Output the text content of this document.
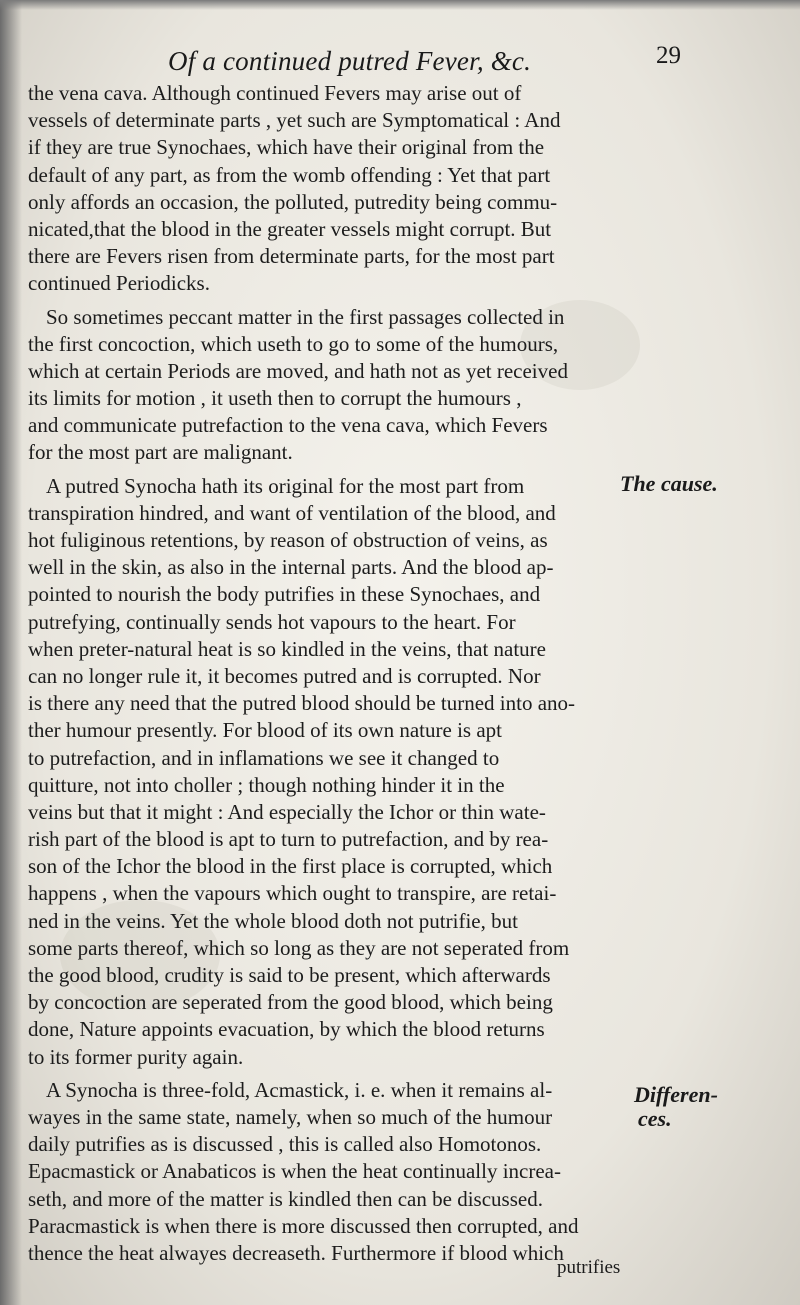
Of a continued putred Fever, &c.	29
the vena cava. Although continued Fevers may arise out of
vessels of determinate parts , yet such are Symptomatical : And
if they are true Synochaes, which have their original from the
default of any part, as from the womb offending : Yet that part
only affords an occasion, the polluted, putredity being commu-
nicated,that the blood in the greater vessels might corrupt. But
there are Fevers risen from determinate parts, for the most part
continued Periodicks.
So sometimes peccant matter in the first passages collected in
the first concoction, which useth to go to some of the humours,
which at certain Periods are moved, and hath not as yet received
its limits for motion , it useth then to corrupt the humours ,
and communicate putrefaction to the vena cava, which Fevers
for the most part are malignant.
A putred Synocha hath its original for the most part from
transpiration hindred, and want of ventilation of the blood, and
hot fuliginous retentions, by reason of obstruction of veins, as
well in the skin, as also in the internal parts. And the blood ap-
pointed to nourish the body putrifies in these Synochaes, and
putrefying, continually sends hot vapours to the heart. For
when preter-natural heat is so kindled in the veins, that nature
can no longer rule it, it becomes putred and is corrupted. Nor
is there any need that the putred blood should be turned into ano-
ther humour presently. For blood of its own nature is apt
to putrefaction, and in inflamations we see it changed to
quitture, not into choller ; though nothing hinder it in the
veins but that it might : And especially the Ichor or thin wate-
rish part of the blood is apt to turn to putrefaction, and by rea-
son of the Ichor the blood in the first place is corrupted, which
happens , when the vapours which ought to transpire, are retai-
ned in the veins. Yet the whole blood doth not putrifie, but
some parts thereof, which so long as they are not seperated from
the good blood, crudity is said to be present, which afterwards
by concoction are seperated from the good blood, which being
done, Nature appoints evacuation, by which the blood returns
to its former purity again.
A Synocha is three-fold, Acmastick, i. e. when it remains al-
wayes in the same state, namely, when so much of the humour
daily putrifies as is discussed , this is called also Homotonos.
Epacmastick or Anabaticos is when the heat continually increa-
seth, and more of the matter is kindled then can be discussed.
Paracmastick is when there is more discussed then corrupted, and
thence the heat alwayes decreaseth. Furthermore if blood which
The cause.
Differen-
ces.
putrifies
